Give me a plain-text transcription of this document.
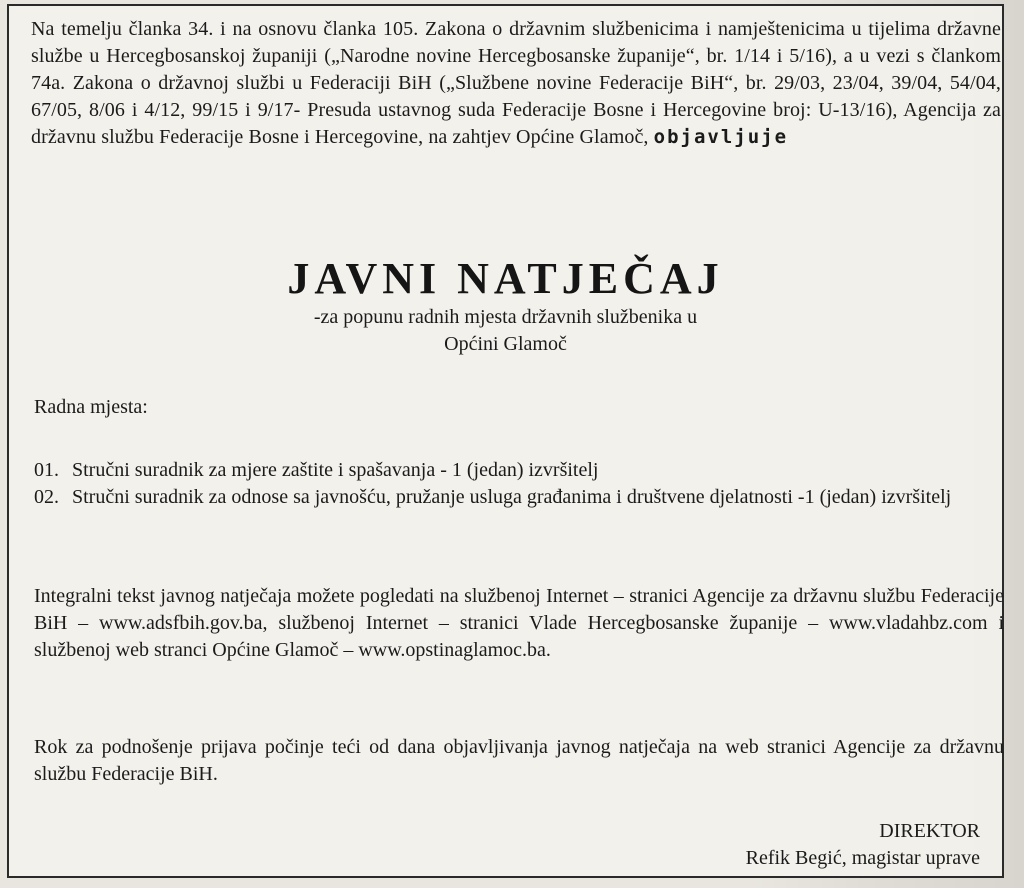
Na temelju članka 34. i na osnovu članka 105. Zakona o državnim službenicima i namještenicima u tijelima državne službe u Hercegbosanskoj županiji („Narodne novine Hercegbosanske županije“, br. 1/14 i 5/16), a u vezi s člankom 74a. Zakona o državnoj službi u Federaciji BiH („Službene novine Federacije BiH“, br. 29/03, 23/04, 39/04, 54/04, 67/05, 8/06 i 4/12, 99/15 i 9/17- Presuda ustavnog suda Federacije Bosne i Hercegovine broj: U-13/16), Agencija za državnu službu Federacije Bosne i Hercegovine, na zahtjev Općine Glamoč, objavljuje
JAVNI NATJEČAJ
-za popunu radnih mjesta državnih službenika u
Općini Glamoč
Radna mjesta:
01. Stručni suradnik za mjere zaštite i spašavanja - 1 (jedan) izvršitelj
02. Stručni suradnik za odnose sa javnošću, pružanje usluga građanima i društvene djelatnosti -1 (jedan) izvršitelj
Integralni tekst javnog natječaja možete pogledati na službenoj Internet – stranici Agencije za državnu službu Federacije BiH – www.adsfbih.gov.ba, službenoj Internet – stranici Vlade Hercegbosanske županije – www.vladahbz.com i službenoj web stranci Općine Glamoč – www.opstinaglamoc.ba.
Rok za podnošenje prijava počinje teći od dana objavljivanja javnog natječaja na web stranici Agencije za državnu službu Federacije BiH.
DIREKTOR
Refik Begić, magistar uprave
